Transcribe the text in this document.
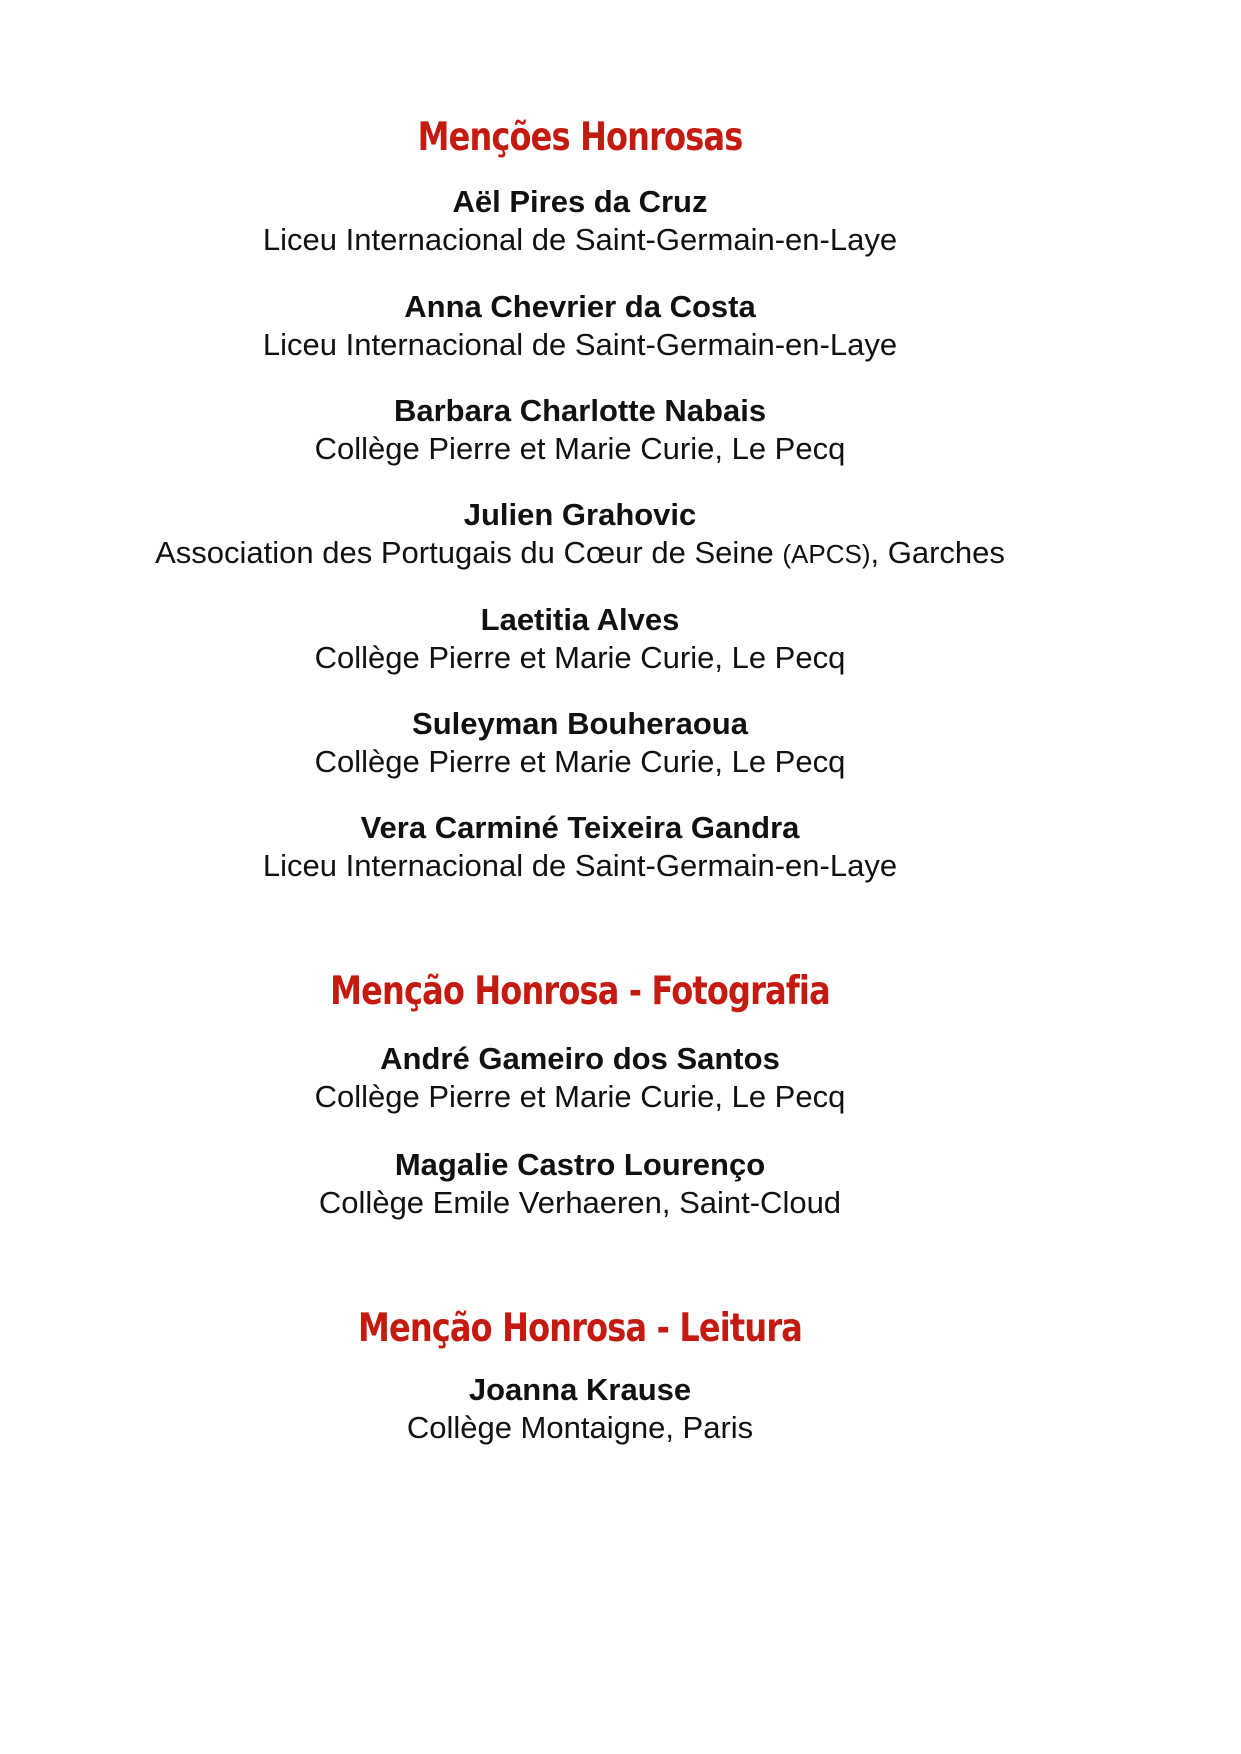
Menções Honrosas
Aël Pires da Cruz
Liceu Internacional de Saint-Germain-en-Laye
Anna Chevrier da Costa
Liceu Internacional de Saint-Germain-en-Laye
Barbara Charlotte Nabais
Collège Pierre et Marie Curie, Le Pecq
Julien Grahovic
Association des Portugais du Cœur de Seine (APCS), Garches
Laetitia Alves
Collège Pierre et Marie Curie, Le Pecq
Suleyman Bouheraoua
Collège Pierre et Marie Curie, Le Pecq
Vera Carminé Teixeira Gandra
Liceu Internacional de Saint-Germain-en-Laye
Menção Honrosa - Fotografia
André Gameiro dos Santos
Collège Pierre et Marie Curie, Le Pecq
Magalie Castro Lourenço
Collège Emile Verhaeren, Saint-Cloud
Menção Honrosa - Leitura
Joanna Krause
Collège Montaigne, Paris
